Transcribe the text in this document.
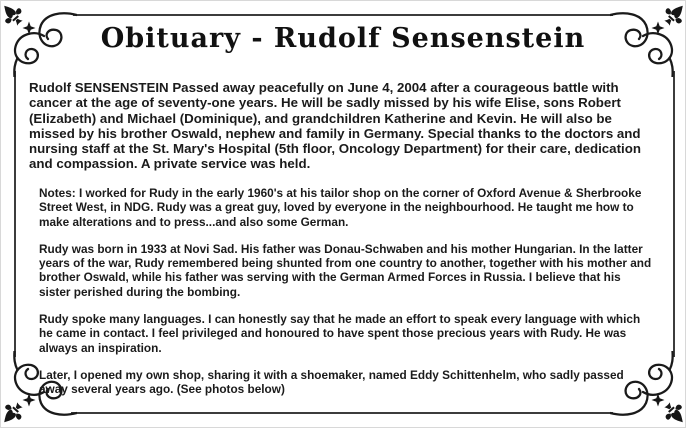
Obituary - Rudolf Sensenstein

Rudolf SENSENSTEIN Passed away peacefully on June 4, 2004 after a courageous battle with cancer at the age of seventy-one years. He will be sadly missed by his wife Elise, sons Robert (Elizabeth) and Michael (Dominique), and grandchildren Katherine and Kevin. He will also be missed by his brother Oswald, nephew and family in Germany. Special thanks to the doctors and nursing staff at the St. Mary's Hospital (5th floor, Oncology Department) for their care, dedication and compassion. A private service was held.

Notes: I worked for Rudy in the early 1960's at his tailor shop on the corner of Oxford Avenue & Sherbrooke Street West, in NDG. Rudy was a great guy, loved by everyone in the neighbourhood. He taught me how to make alterations and to press...and also some German.

Rudy was born in 1933 at Novi Sad. His father was Donau-Schwaben and his mother Hungarian. In the latter years of the war, Rudy remembered being shunted from one country to another, together with his mother and brother Oswald, while his father was serving with the German Armed Forces in Russia. I believe that his sister perished during the bombing.

Rudy spoke many languages. I can honestly say that he made an effort to speak every language with which he came in contact. I feel privileged and honoured to have spent those precious years with Rudy. He was always an inspiration.

Later, I opened my own shop, sharing it with a shoemaker, named Eddy Schittenhelm, who sadly passed away several years ago. (See photos below)
